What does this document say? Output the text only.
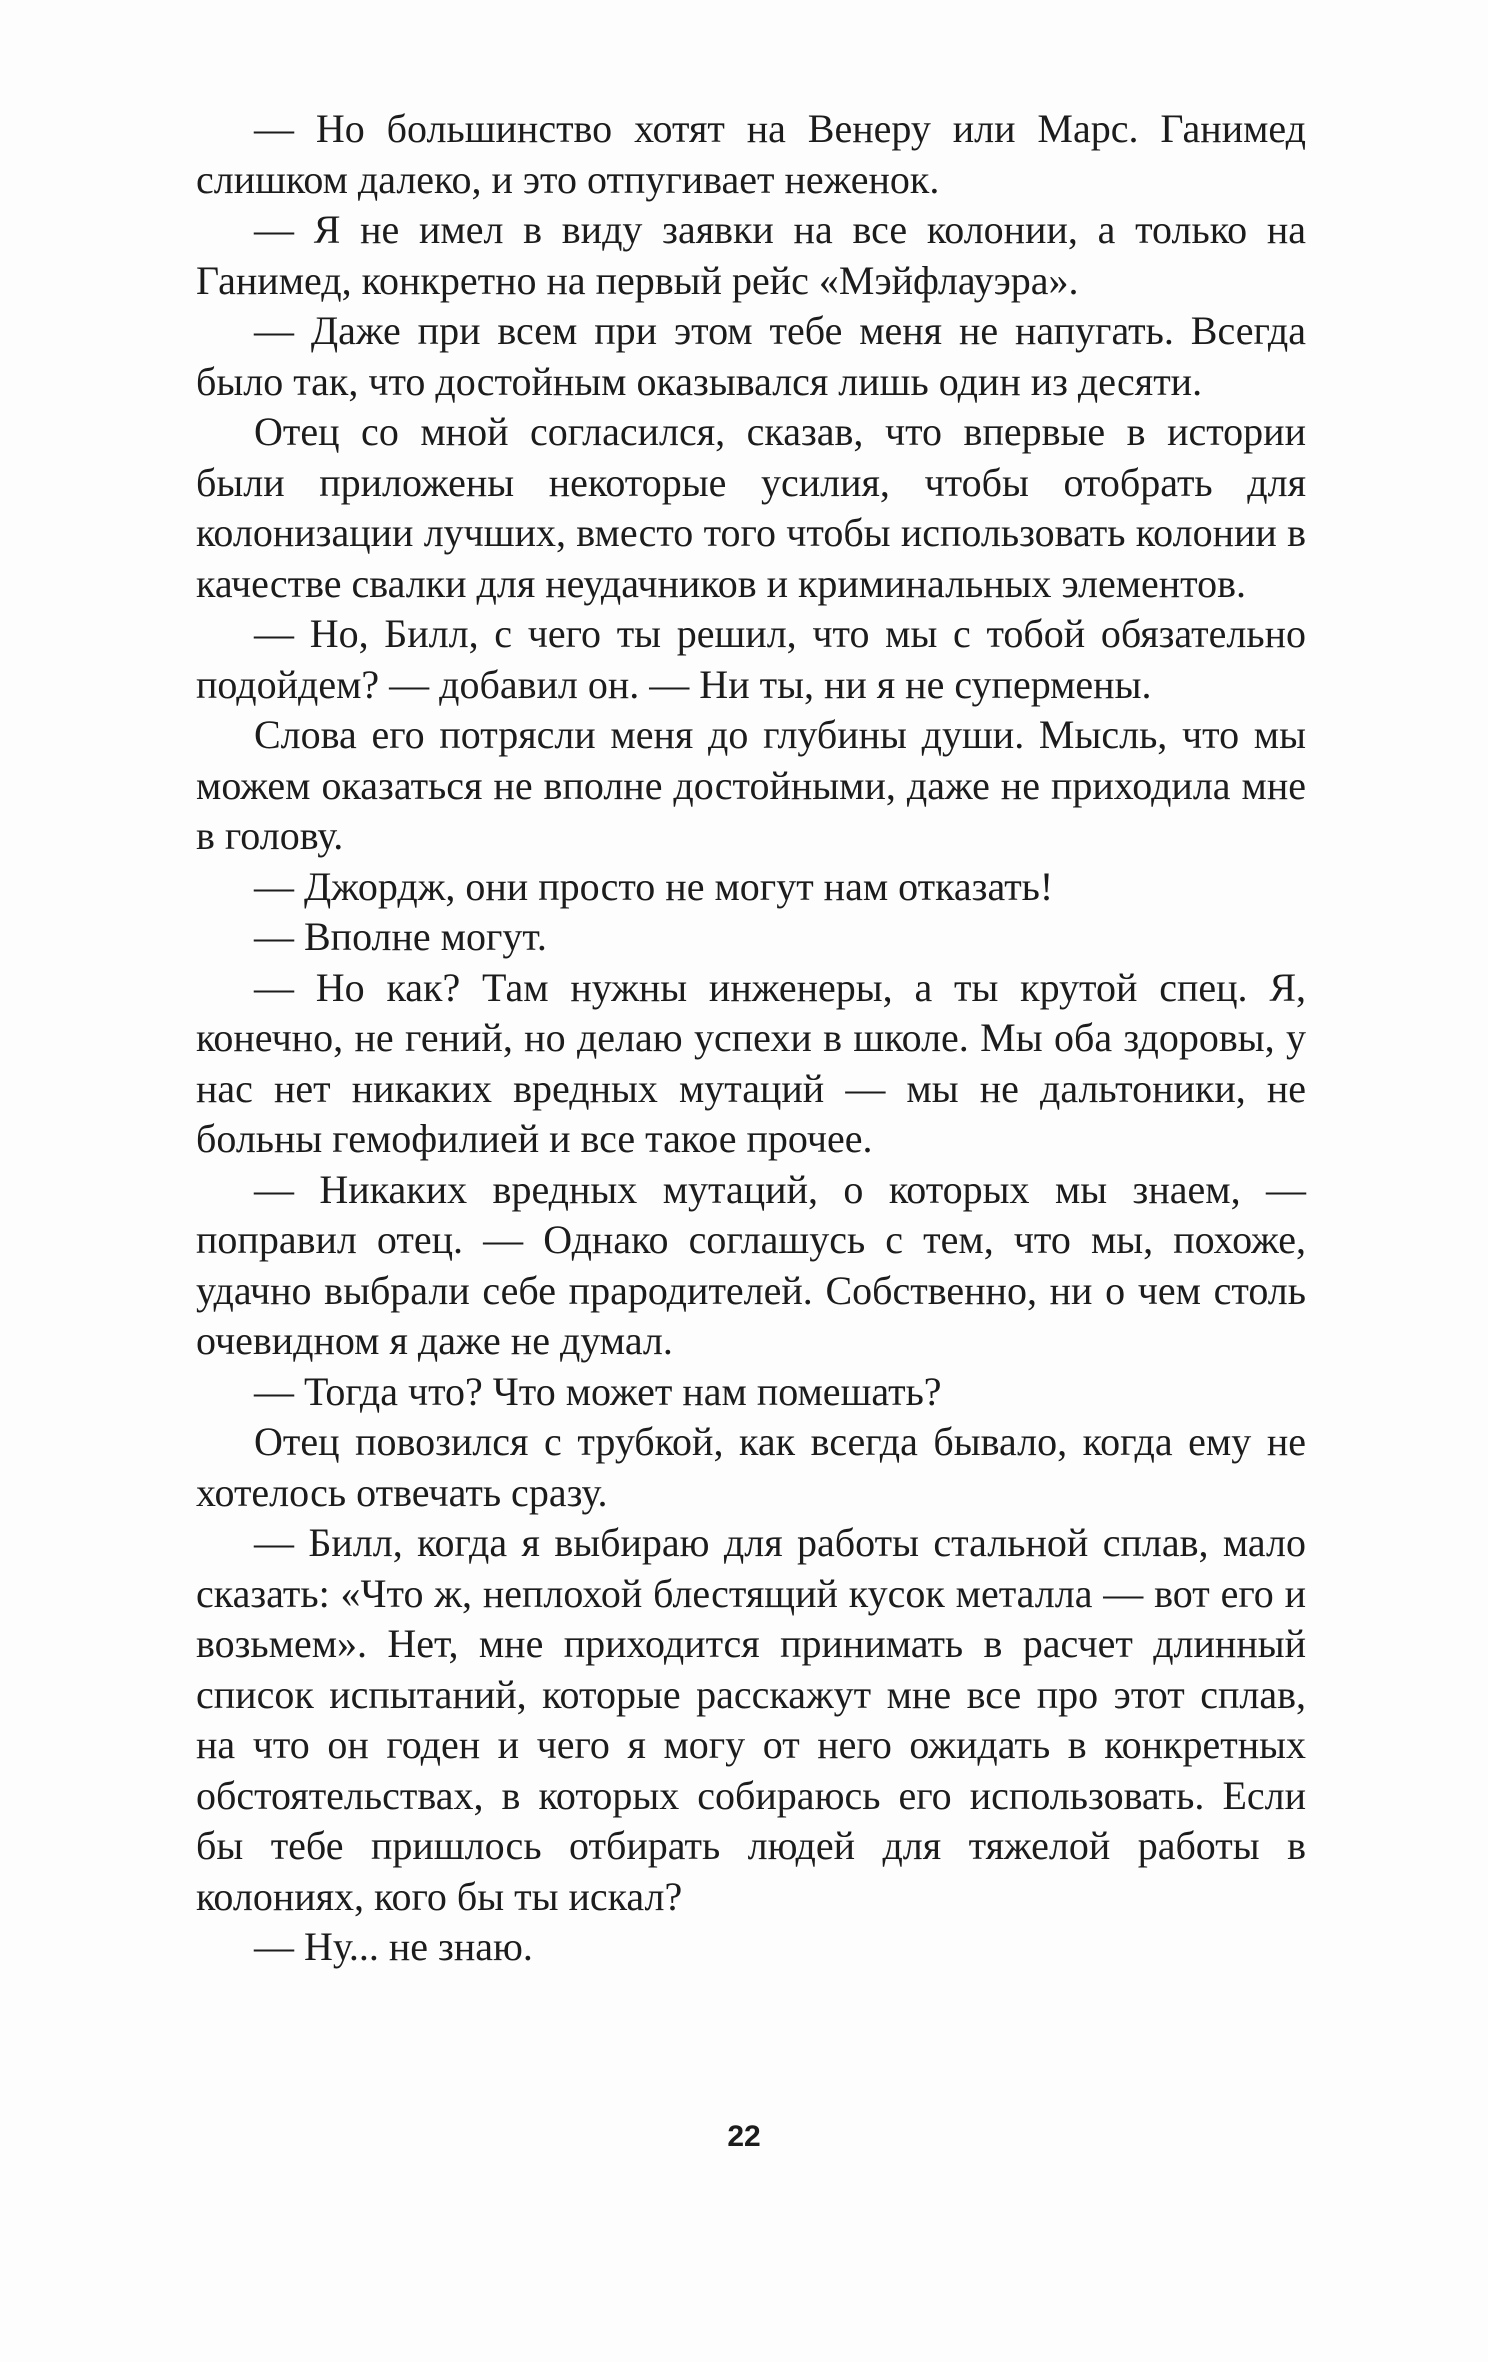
— Но большинство хотят на Венеру или Марс. Ганимед слишком далеко, и это отпугивает неженок.

— Я не имел в виду заявки на все колонии, а только на Ганимед, конкретно на первый рейс «Мэйфлауэра».

— Даже при всем при этом тебе меня не напугать. Всегда было так, что достойным оказывался лишь один из десяти.

Отец со мной согласился, сказав, что впервые в истории были приложены некоторые усилия, чтобы отобрать для колонизации лучших, вместо того чтобы использовать колонии в качестве свалки для неудачников и криминальных элементов.

— Но, Билл, с чего ты решил, что мы с тобой обязательно подойдем? — добавил он. — Ни ты, ни я не супермены.

Слова его потрясли меня до глубины души. Мысль, что мы можем оказаться не вполне достойными, даже не приходила мне в голову.

— Джордж, они просто не могут нам отказать!

— Вполне могут.

— Но как? Там нужны инженеры, а ты крутой спец. Я, конечно, не гений, но делаю успехи в школе. Мы оба здоровы, у нас нет никаких вредных мутаций — мы не дальтоники, не больны гемофилией и все такое прочее.

— Никаких вредных мутаций, о которых мы знаем, — поправил отец. — Однако соглашусь с тем, что мы, похоже, удачно выбрали себе прародителей. Собственно, ни о чем столь очевидном я даже не думал.

— Тогда что? Что может нам помешать?

Отец повозился с трубкой, как всегда бывало, когда ему не хотелось отвечать сразу.

— Билл, когда я выбираю для работы стальной сплав, мало сказать: «Что ж, неплохой блестящий кусок металла — вот его и возьмем». Нет, мне приходится принимать в расчет длинный список испытаний, которые расскажут мне все про этот сплав, на что он годен и чего я могу от него ожидать в конкретных обстоятельствах, в которых собираюсь его использовать. Если бы тебе пришлось отбирать людей для тяжелой работы в колониях, кого бы ты искал?

— Ну... не знаю.

22
